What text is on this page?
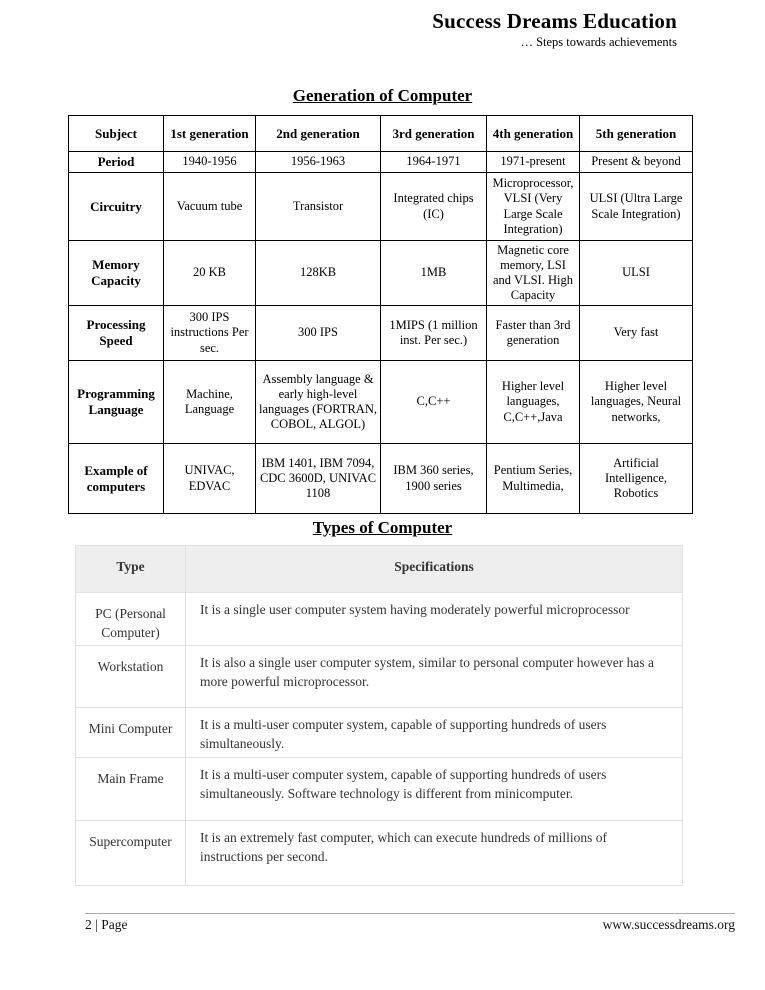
Success Dreams Education
… Steps towards achievements
Generation of Computer
Subject	1st generation	2nd generation	3rd generation	4th generation	5th generation
Period	1940-1956	1956-1963	1964-1971	1971-present	Present & beyond
Circuitry	Vacuum tube	Transistor	Integrated chips (IC)	Microprocessor, VLSI (Very Large Scale Integration)	ULSI (Ultra Large Scale Integration)
Memory Capacity	20 KB	128KB	1MB	Magnetic core memory, LSI and VLSI. High Capacity	ULSI
Processing Speed	300 IPS instructions Per sec.	300 IPS	1MIPS (1 million inst. Per sec.)	Faster than 3rd generation	Very fast
Programming Language	Machine, Language	Assembly language & early high-level languages (FORTRAN, COBOL, ALGOL)	C,C++	Higher level languages, C,C++,Java	Higher level languages, Neural networks,
Example of computers	UNIVAC, EDVAC	IBM 1401, IBM 7094, CDC 3600D, UNIVAC 1108	IBM 360 series, 1900 series	Pentium Series, Multimedia,	Artificial Intelligence, Robotics
Types of Computer
Type	Specifications
PC (Personal Computer)	It is a single user computer system having moderately powerful microprocessor
Workstation	It is also a single user computer system, similar to personal computer however has a more powerful microprocessor.
Mini Computer	It is a multi-user computer system, capable of supporting hundreds of users simultaneously.
Main Frame	It is a multi-user computer system, capable of supporting hundreds of users simultaneously. Software technology is different from minicomputer.
Supercomputer	It is an extremely fast computer, which can execute hundreds of millions of instructions per second.
2 | Page	www.successdreams.org
